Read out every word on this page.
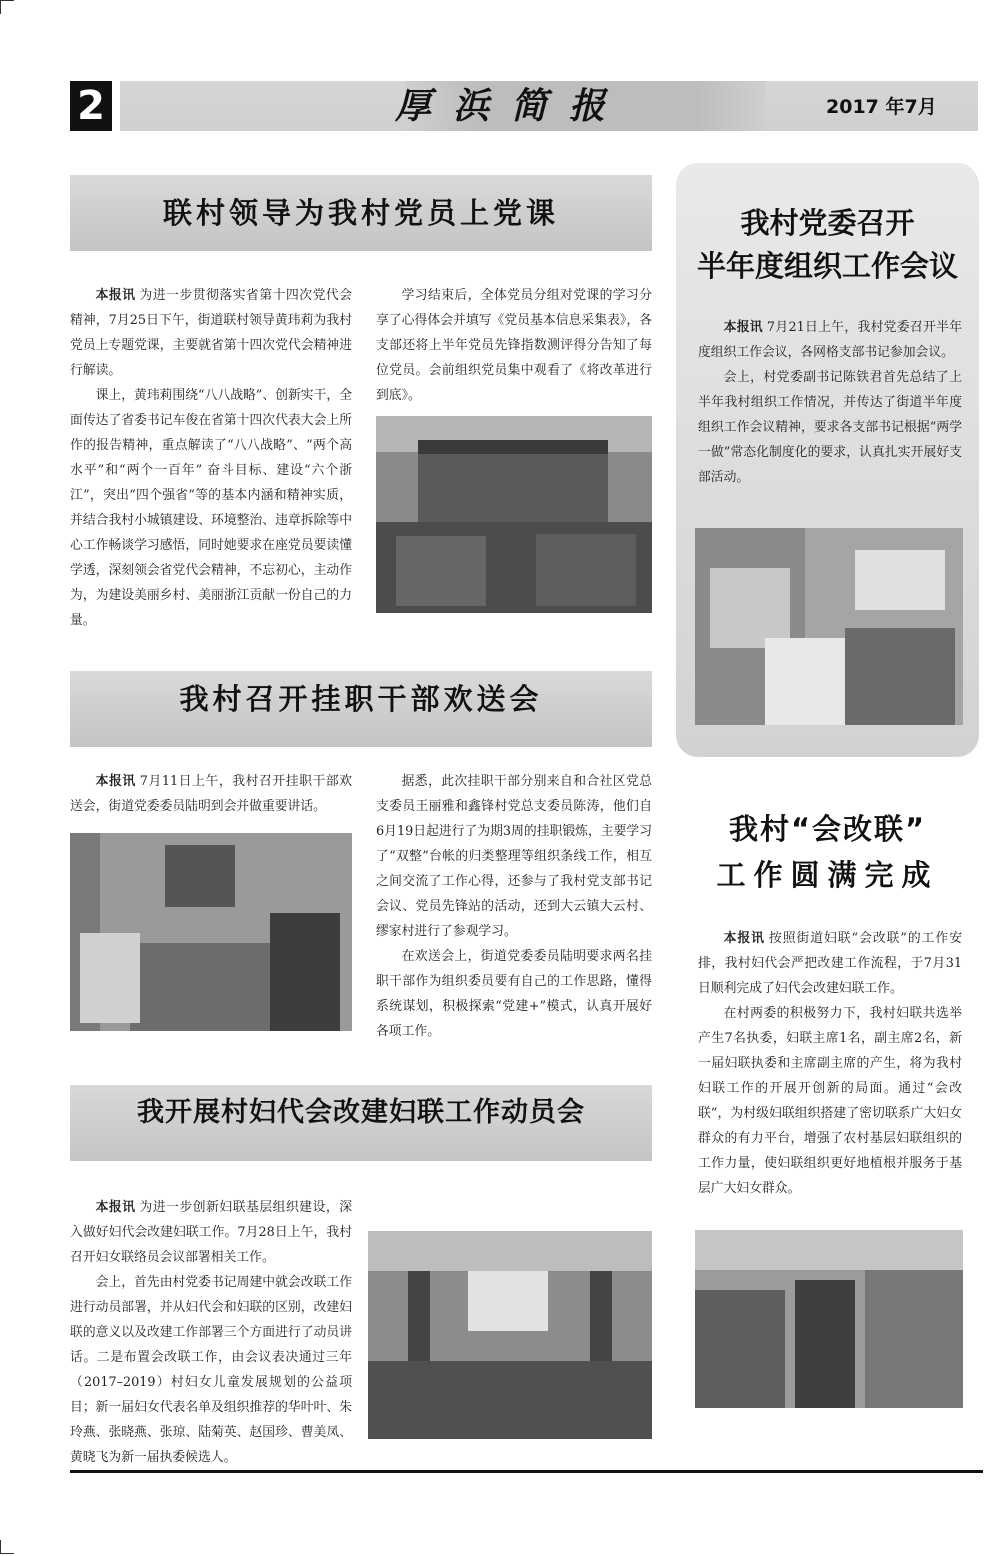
2	厚浜简报	2017 年7月
联村领导为我村党员上党课

本报讯 为进一步贯彻落实省第十四次党代会精神，7月25日下午，街道联村领导黄玮莉为我村党员上专题党课，主要就省第十四次党代会精神进行解读。

课上，黄玮莉围绕“八八战略”、创新实干，全面传达了省委书记车俊在省第十四次代表大会上所作的报告精神，重点解读了“八八战略”、“两个高水平”和“两个一百年” 奋斗目标、建设“六个浙江”，突出“四个强省”等的基本内涵和精神实质，并结合我村小城镇建设、环境整治、违章拆除等中心工作畅谈学习感悟，同时她要求在座党员要读懂学透，深刻领会省党代会精神，不忘初心，主动作为，为建设美丽乡村、美丽浙江贡献一份自己的力量。

学习结束后，全体党员分组对党课的学习分享了心得体会并填写《党员基本信息采集表》，各支部还将上半年党员先锋指数测评得分告知了每位党员。会前组织党员集中观看了《将改革进行到底》。

我村召开挂职干部欢送会

本报讯 7月11日上午，我村召开挂职干部欢送会，街道党委委员陆明到会并做重要讲话。

据悉，此次挂职干部分别来自和合社区党总支委员王丽雅和鑫锋村党总支委员陈涛，他们自6月19日起进行了为期3周的挂职锻炼，主要学习了“双整”台帐的归类整理等组织条线工作，相互之间交流了工作心得，还参与了我村党支部书记会议、党员先锋站的活动，还到大云镇大云村、缪家村进行了参观学习。

在欢送会上，街道党委委员陆明要求两名挂职干部作为组织委员要有自己的工作思路，懂得系统谋划，积极探索“党建+”模式，认真开展好各项工作。

我开展村妇代会改建妇联工作动员会

本报讯 为进一步创新妇联基层组织建设，深入做好妇代会改建妇联工作。7月28日上午，我村召开妇女联络员会议部署相关工作。

会上，首先由村党委书记周建中就会改联工作进行动员部署，并从妇代会和妇联的区别，改建妇联的意义以及改建工作部署三个方面进行了动员讲话。二是布置会改联工作，由会议表决通过三年（2017–2019）村妇女儿童发展规划的公益项目；新一届妇女代表名单及组织推荐的华叶叶、朱玲燕、张晓燕、张琼、陆菊英、赵国珍、曹美凤、黄晓飞为新一届执委候选人。

我村党委召开
半年度组织工作会议

本报讯 7月21日上午，我村党委召开半年度组织工作会议，各网格支部书记参加会议。

会上，村党委副书记陈铁君首先总结了上半年我村组织工作情况，并传达了街道半年度组织工作会议精神，要求各支部书记根据“两学一做”常态化制度化的要求，认真扎实开展好支部活动。

我村“会改联”
工作圆满完成

本报讯 按照街道妇联“会改联”的工作安排，我村妇代会严把改建工作流程，于7月31日顺利完成了妇代会改建妇联工作。

在村两委的积极努力下，我村妇联共选举产生7名执委，妇联主席1名，副主席2名，新一届妇联执委和主席副主席的产生，将为我村妇联工作的开展开创新的局面。通过“会改联”，为村级妇联组织搭建了密切联系广大妇女群众的有力平台，增强了农村基层妇联组织的工作力量，使妇联组织更好地植根并服务于基层广大妇女群众。
